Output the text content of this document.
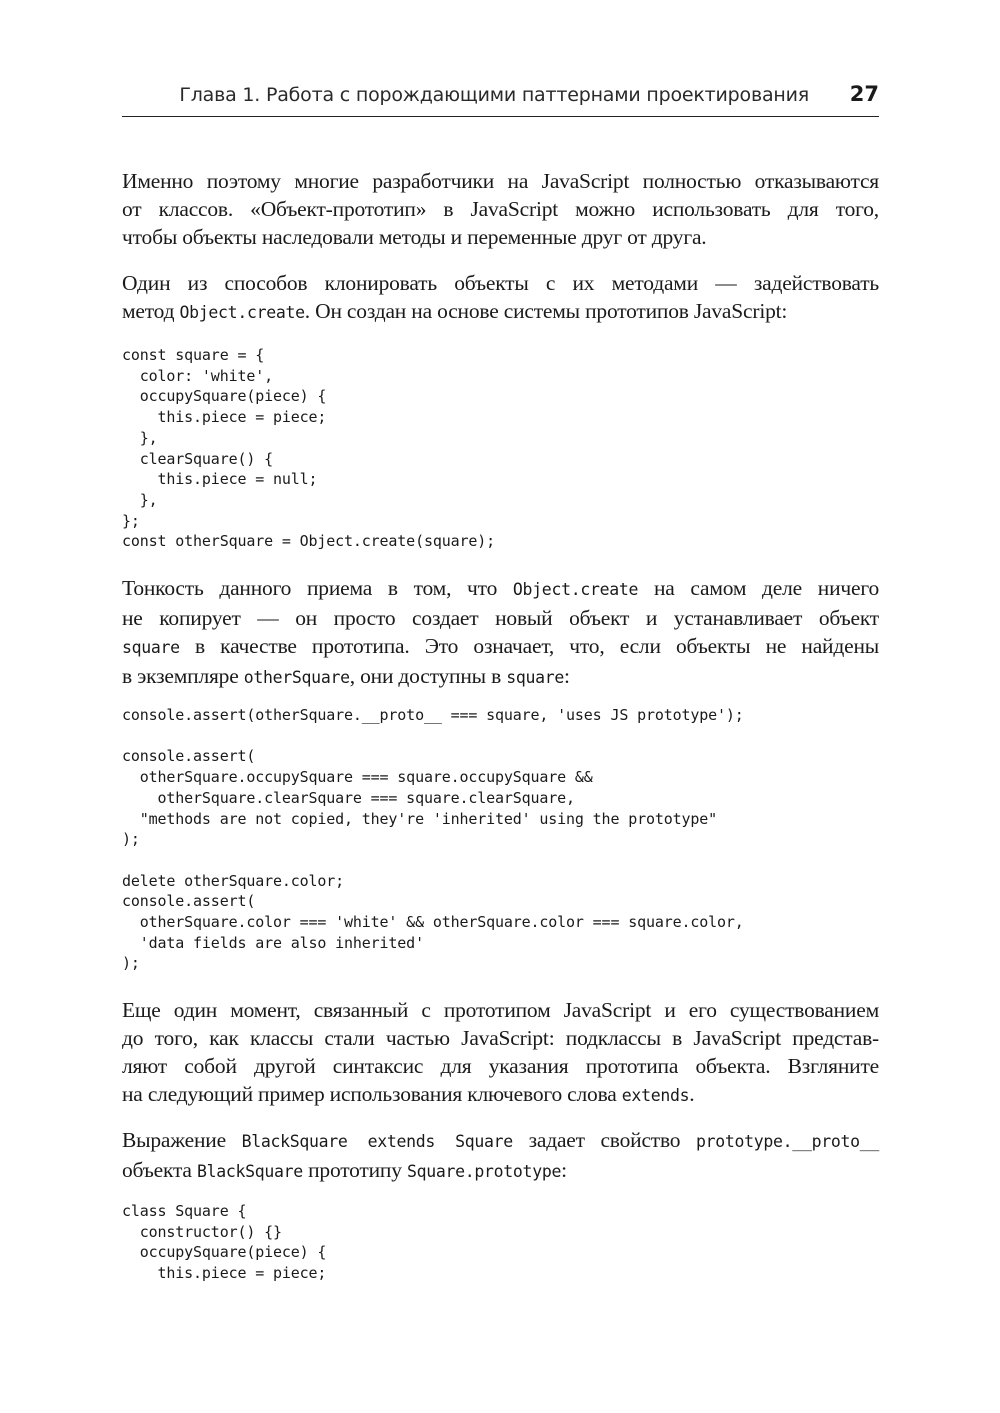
Глава 1. Работа с порождающими паттернами проектирования 27

Именно поэтому многие разработчики на JavaScript полностью отказываются
от классов. «Объект-прототип» в JavaScript можно использовать для того,
чтобы объекты наследовали методы и переменные друг от друга.

Один из способов клонировать объекты с их методами — задействовать
метод Object.create. Он создан на основе системы прототипов JavaScript:

const square = {
color: 'white',
occupySquare(piece) {
this.piece = piece;
},
clearSquare() {
this.piece = null;
},
};
const otherSquare = Object.create(square);

Тонкость данного приема в том, что Object.create на самом деле ничего
не копирует — он просто создает новый объект и устанавливает объект
square в качестве прототипа. Это означает, что, если объекты не найдены
в экземпляре otherSquare, они доступны в square:

console.assert(otherSquare.__proto__ === square, 'uses JS prototype');

console.assert(
otherSquare.occupySquare === square.occupySquare &&
otherSquare.clearSquare === square.clearSquare,
"methods are not copied, they're 'inherited' using the prototype"
);

delete otherSquare.color;
console.assert(
otherSquare.color === 'white' && otherSquare.color === square.color,
'data fields are also inherited'
);

Еще один момент, связанный с прототипом JavaScript и его существованием
до того, как классы стали частью JavaScript: подклассы в JavaScript представ-
ляют собой другой синтаксис для указания прототипа объекта. Взгляните
на следующий пример использования ключевого слова extends.

Выражение BlackSquare extends Square задает свойство prototype.__proto__
объекта BlackSquare прототипу Square.prototype:

class Square {
constructor() {}
occupySquare(piece) {
this.piece = piece;
